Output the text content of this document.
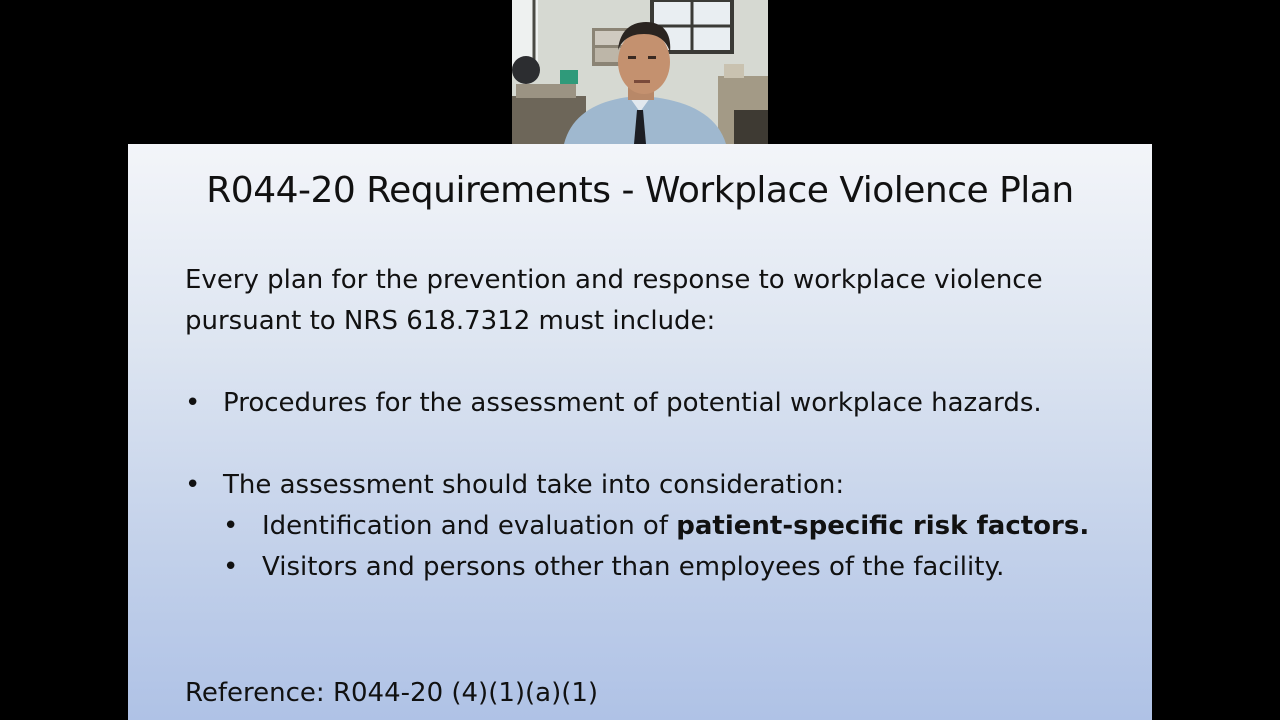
R044-20 Requirements - Workplace Violence Plan

Every plan for the prevention and response to workplace violence

pursuant to NRS 618.7312 must include:

• Procedures for the assessment of potential workplace hazards.

• The assessment should take into consideration:

• Identification and evaluation of patient-specific risk factors.

• Visitors and persons other than employees of the facility.

Reference: R044-20 (4)(1)(a)(1)
